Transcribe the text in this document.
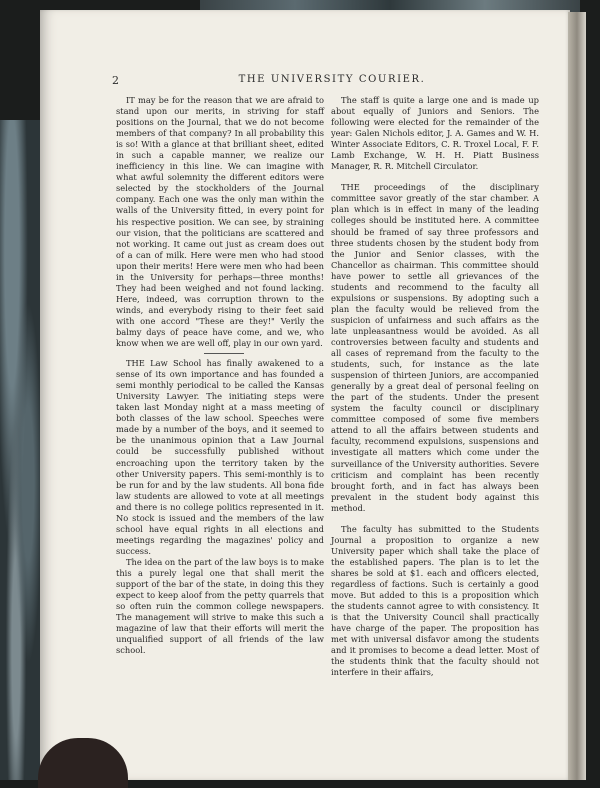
2	THE UNIVERSITY COURIER.

IT may be for the reason that we are afraid to stand upon our merits, in striving for staff positions on the Journal, that we do not become members of that company? In all probability this is so! With a glance at that brilliant sheet, edited in such a capable manner, we realize our inefficiency in this line. We can imagine with what awful solemnity the different editors were selected by the stockholders of the Journal company. Each one was the only man within the walls of the University fitted, in every point for his respective position. We can see, by straining our vision, that the politicians are scattered and not working. It came out just as cream does out of a can of milk. Here were men who had stood upon their merits! Here were men who had been in the University for perhaps—three months! They had been weighed and not found lacking. Here, indeed, was corruption thrown to the winds, and everybody rising to their feet said with one accord "These are they!" Verily the balmy days of peace have come, and we, who know when we are well off, play in our own yard.

THE Law School has finally awakened to a sense of its own importance and has founded a semi monthly periodical to be called the Kansas University Lawyer. The initiating steps were taken last Monday night at a mass meeting of both classes of the law school. Speeches were made by a number of the boys, and it seemed to be the unanimous opinion that a Law Journal could be successfully published without encroaching upon the territory taken by the other University papers. This semi-monthly is to be run for and by the law students. All bona fide law students are allowed to vote at all meetings and there is no college politics represented in it. No stock is issued and the members of the law school have equal rights in all elections and meetings regarding the magazines' policy and success.

The idea on the part of the law boys is to make this a purely legal one that shall merit the support of the bar of the state, in doing this they expect to keep aloof from the petty quarrels that so often ruin the common college newspapers. The management will strive to make this such a magazine of law that their efforts will merit the unqualified support of all friends of the law school.

The staff is quite a large one and is made up about equally of Juniors and Seniors. The following were elected for the remainder of the year: Galen Nichols editor, J. A. Games and W. H. Winter Associate Editors, C. R. Troxel Local, F. F. Lamb Exchange, W. H. H. Piatt Business Manager, R. R. Mitchell Circulator.

THE proceedings of the disciplinary committee savor greatly of the star chamber. A plan which is in effect in many of the leading colleges should be instituted here. A committee should be framed of say three professors and three students chosen by the student body from the Junior and Senior classes, with the Chancellor as chairman. This committee should have power to settle all grievances of the students and recommend to the faculty all expulsions or suspensions. By adopting such a plan the faculty would be relieved from the suspicion of unfairness and such affairs as the late unpleasantness would be avoided. As all controversies between faculty and students and all cases of repremand from the faculty to the students, such, for instance as the late suspension of thirteen Juniors, are accompanied generally by a great deal of personal feeling on the part of the students. Under the present system the faculty council or disciplinary committee composed of some five members attend to all the affairs between students and faculty, recommend expulsions, suspensions and investigate all matters which come under the surveillance of the University authorities. Severe criticism and complaint has been recently brought forth, and in fact has always been prevalent in the student body against this method.

The faculty has submitted to the Students Journal a proposition to organize a new University paper which shall take the place of the established papers. The plan is to let the shares be sold at $1. each and officers elected, regardless of factions. Such is certainly a good move. But added to this is a proposition which the students cannot agree to with consistency. It is that the University Council shall practically have charge of the paper. The proposition has met with universal disfavor among the students and it promises to become a dead letter. Most of the students think that the faculty should not interfere in their affairs,
